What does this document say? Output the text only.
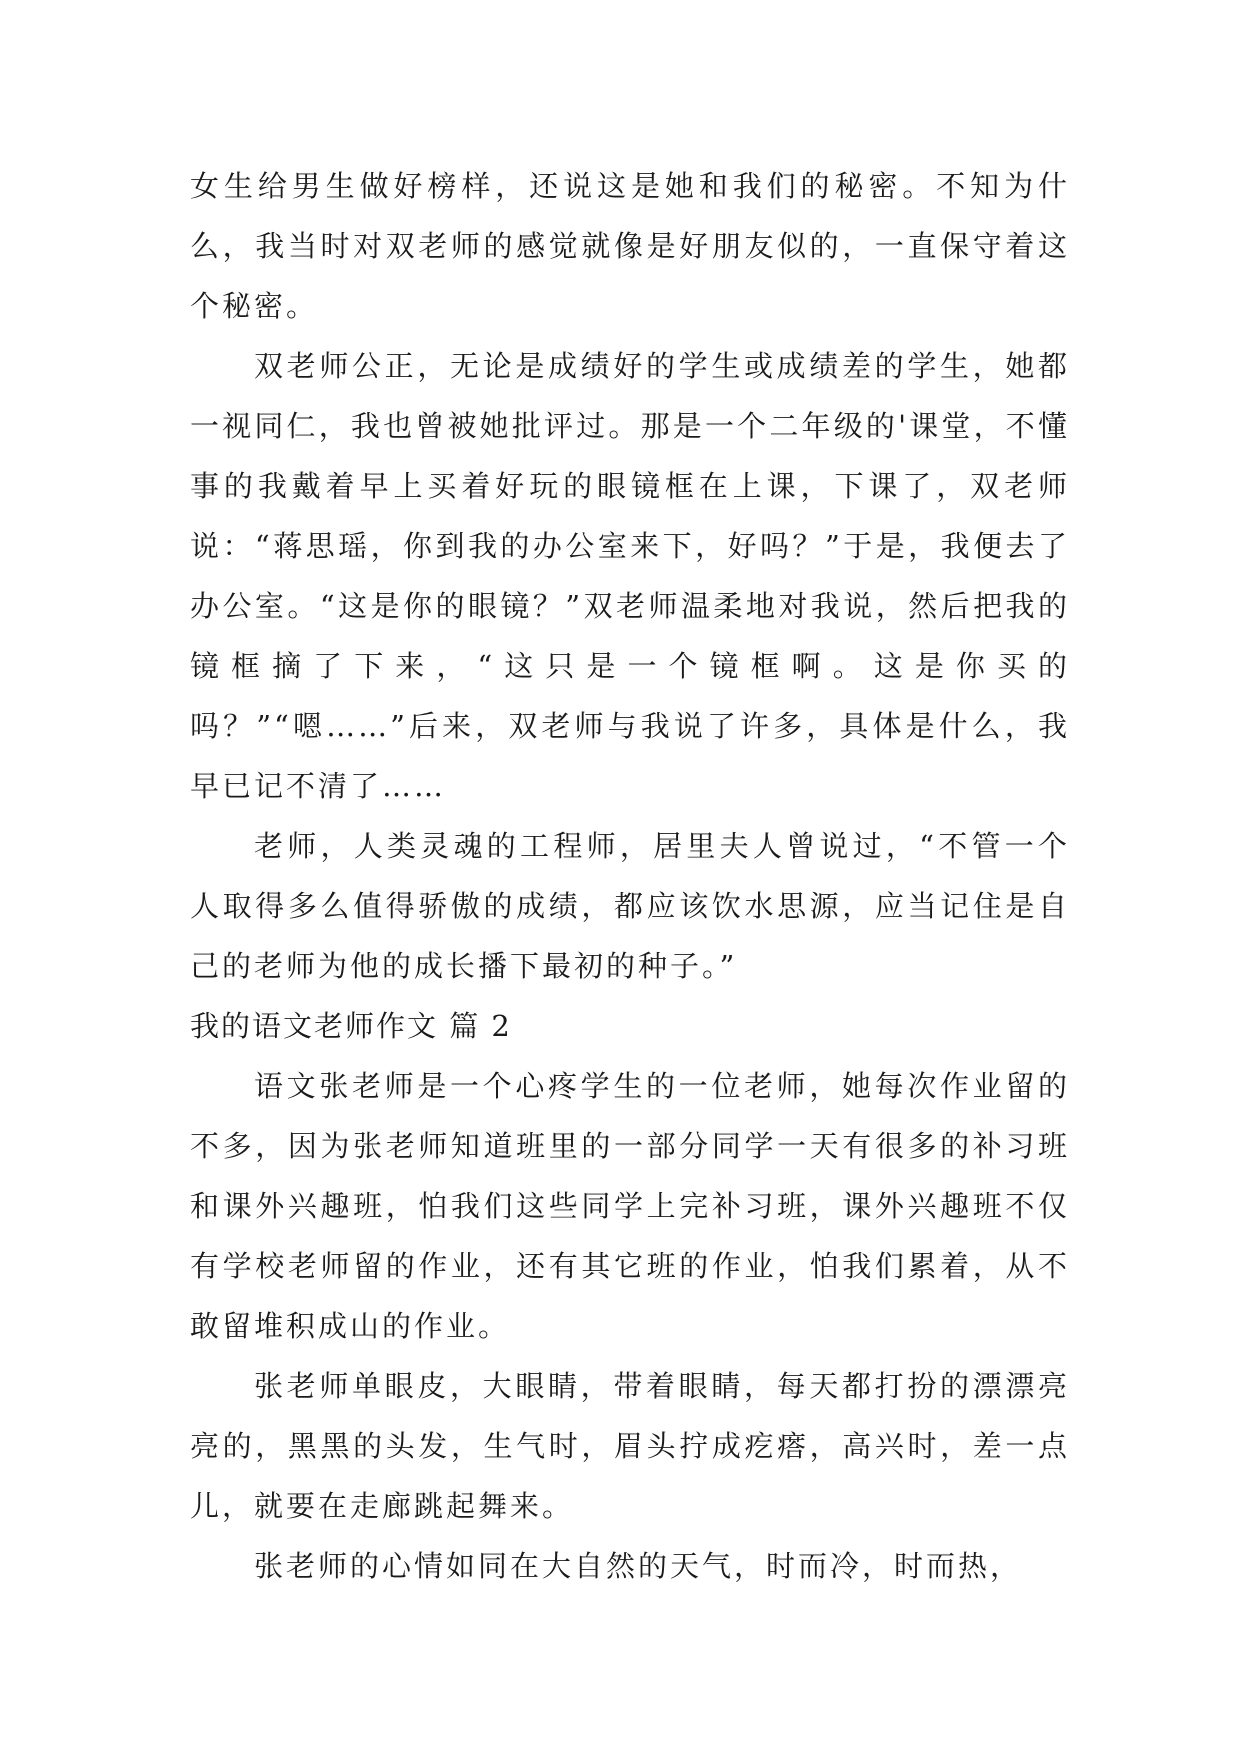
女生给男生做好榜样，还说这是她和我们的秘密。不知为什么，我当时对双老师的感觉就像是好朋友似的，一直保守着这个秘密。

双老师公正，无论是成绩好的学生或成绩差的学生，她都一视同仁，我也曾被她批评过。那是一个二年级的'课堂，不懂事的我戴着早上买着好玩的眼镜框在上课，下课了，双老师说：“蒋思瑶，你到我的办公室来下，好吗？”于是，我便去了办公室。“这是你的眼镜？”双老师温柔地对我说，然后把我的镜框摘了下来，“这只是一个镜框啊。这是你买的吗？”“嗯……”后来，双老师与我说了许多，具体是什么，我早已记不清了……

老师，人类灵魂的工程师，居里夫人曾说过，“不管一个人取得多么值得骄傲的成绩，都应该饮水思源，应当记住是自己的老师为他的成长播下最初的种子。”

我的语文老师作文 篇 2

语文张老师是一个心疼学生的一位老师，她每次作业留的不多，因为张老师知道班里的一部分同学一天有很多的补习班和课外兴趣班，怕我们这些同学上完补习班，课外兴趣班不仅有学校老师留的作业，还有其它班的作业，怕我们累着，从不敢留堆积成山的作业。

张老师单眼皮，大眼睛，带着眼睛，每天都打扮的漂漂亮亮的，黑黑的头发，生气时，眉头拧成疙瘩，高兴时，差一点儿，就要在走廊跳起舞来。

张老师的心情如同在大自然的天气，时而冷，时而热，
